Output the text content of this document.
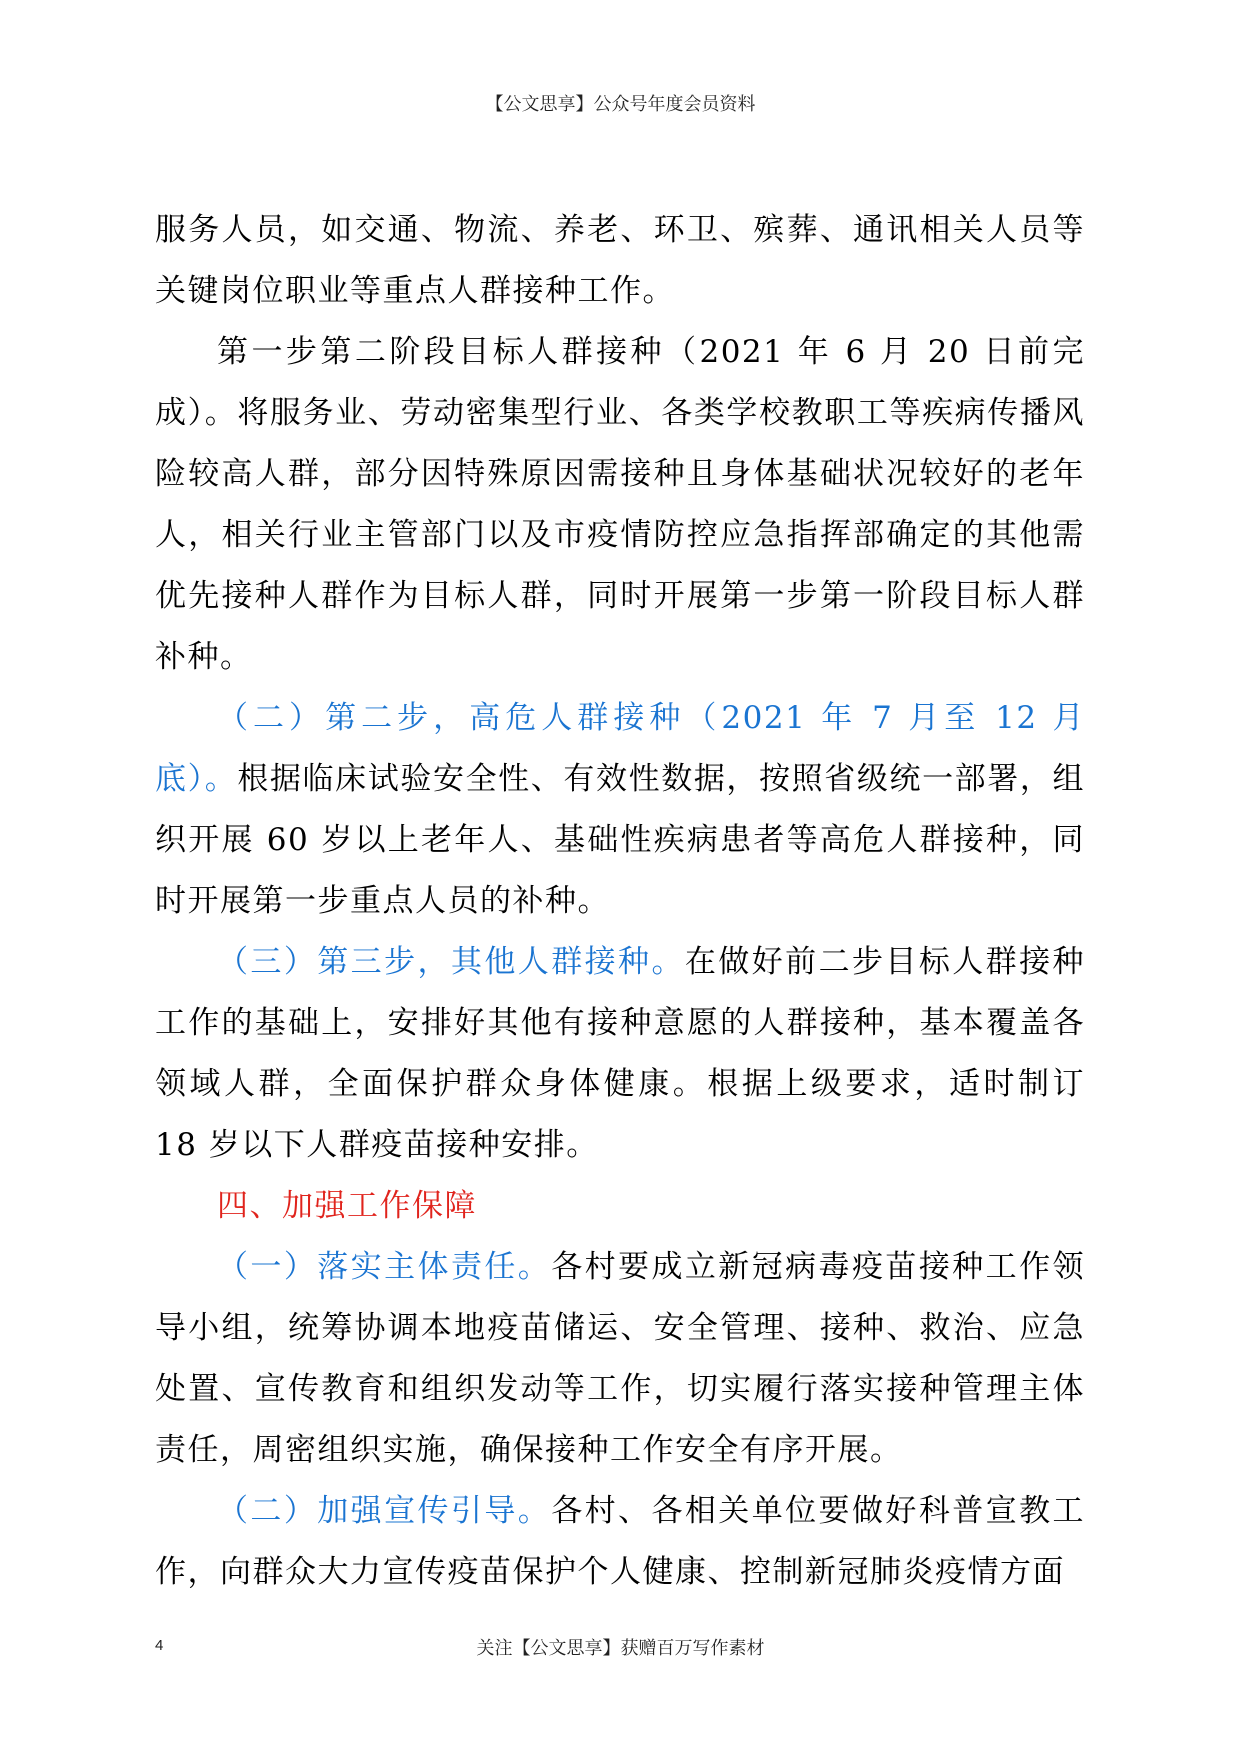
【公文思享】公众号年度会员资料

服务人员，如交通、物流、养老、环卫、殡葬、通讯相关人员等关键岗位职业等重点人群接种工作。

第一步第二阶段目标人群接种（2021 年 6 月 20 日前完成）。将服务业、劳动密集型行业、各类学校教职工等疾病传播风险较高人群，部分因特殊原因需接种且身体基础状况较好的老年人，相关行业主管部门以及市疫情防控应急指挥部确定的其他需优先接种人群作为目标人群，同时开展第一步第一阶段目标人群补种。

（二）第二步，高危人群接种（2021 年 7 月至 12 月底）。根据临床试验安全性、有效性数据，按照省级统一部署，组织开展 60 岁以上老年人、基础性疾病患者等高危人群接种，同时开展第一步重点人员的补种。

（三）第三步，其他人群接种。在做好前二步目标人群接种工作的基础上，安排好其他有接种意愿的人群接种，基本覆盖各领域人群，全面保护群众身体健康。根据上级要求，适时制订 18 岁以下人群疫苗接种安排。

四、加强工作保障

（一）落实主体责任。各村要成立新冠病毒疫苗接种工作领导小组，统筹协调本地疫苗储运、安全管理、接种、救治、应急处置、宣传教育和组织发动等工作，切实履行落实接种管理主体责任，周密组织实施，确保接种工作安全有序开展。

（二）加强宣传引导。各村、各相关单位要做好科普宣教工作，向群众大力宣传疫苗保护个人健康、控制新冠肺炎疫情方面

4	关注【公文思享】获赠百万写作素材
